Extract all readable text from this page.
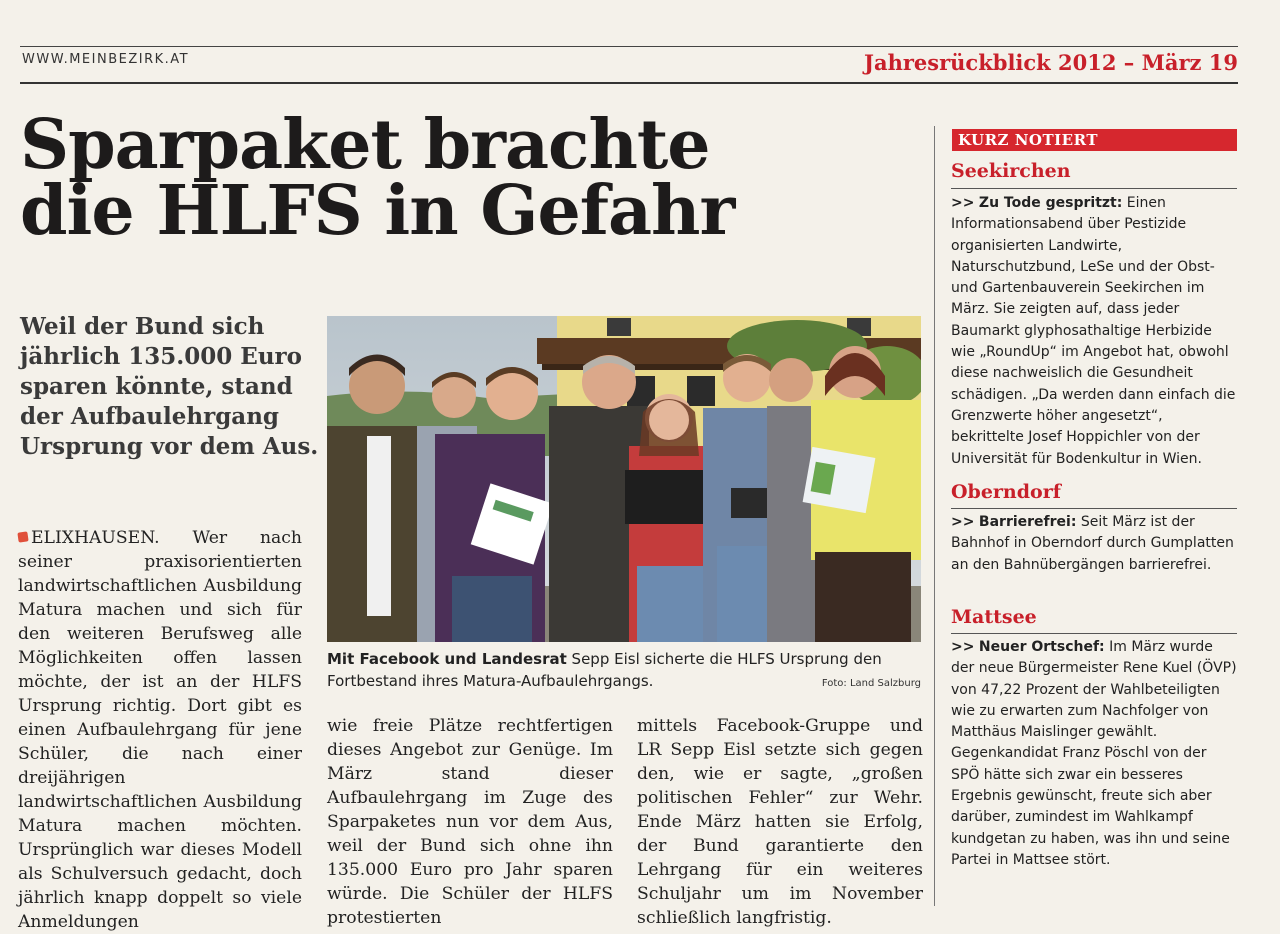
WWW.MEINBEZIRK.AT	Jahresrückblick 2012 – März 19
Sparpaket brachte
die HLFS in Gefahr

Weil der Bund sich jährlich 135.000 Euro sparen könnte, stand der Aufbaulehrgang Ursprung vor dem Aus.

ELIXHAUSEN. Wer nach seiner praxisorientierten landwirtschaftlichen Ausbildung Matura machen und sich für den weiteren Berufsweg alle Möglichkeiten offen lassen möchte, der ist an der HLFS Ursprung richtig. Dort gibt es einen Aufbaulehrgang für jene Schüler, die nach einer dreijährigen landwirtschaftlichen Ausbildung Matura machen möchten. Ursprünglich war dieses Modell als Schulversuch gedacht, doch jährlich knapp doppelt so viele Anmeldungen
Mit Facebook und Landesrat Sepp Eisl sicherte die HLFS Ursprung den Fortbestand ihres Matura-Aufbaulehrgangs.	Foto: Land Salzburg
wie freie Plätze rechtfertigen dieses Angebot zur Genüge. Im März stand dieser Aufbaulehrgang im Zuge des Sparpaketes nun vor dem Aus, weil der Bund sich ohne ihn 135.000 Euro pro Jahr sparen würde. Die Schüler der HLFS protestierten
mittels Facebook-Gruppe und LR Sepp Eisl setzte sich gegen den, wie er sagte, „großen politischen Fehler“ zur Wehr. Ende März hatten sie Erfolg, der Bund garantierte den Lehrgang für ein weiteres Schuljahr um im November schließlich langfristig.
KURZ NOTIERT
Seekirchen
>> Zu Tode gespritzt: Einen Informationsabend über Pestizide organisierten Landwirte, Naturschutzbund, LeSe und der Obst- und Gartenbauverein Seekirchen im März. Sie zeigten auf, dass jeder Baumarkt glyphosathaltige Herbizide wie „RoundUp“ im Angebot hat, obwohl diese nachweislich die Gesundheit schädigen. „Da werden dann einfach die Grenzwerte höher angesetzt“, bekrittelte Josef Hoppichler von der Universität für Bodenkultur in Wien.
Oberndorf
>> Barrierefrei: Seit März ist der Bahnhof in Oberndorf durch Gumplatten an den Bahnübergängen barrierefrei.
Mattsee
>> Neuer Ortschef: Im März wurde der neue Bürgermeister Rene Kuel (ÖVP) von 47,22 Prozent der Wahlbeteiligten wie zu erwarten zum Nachfolger von Matthäus Maislinger gewählt. Gegenkandidat Franz Pöschl von der SPÖ hätte sich zwar ein besseres Ergebnis gewünscht, freute sich aber darüber, zumindest im Wahlkampf kundgetan zu haben, was ihn und seine Partei in Mattsee stört.
